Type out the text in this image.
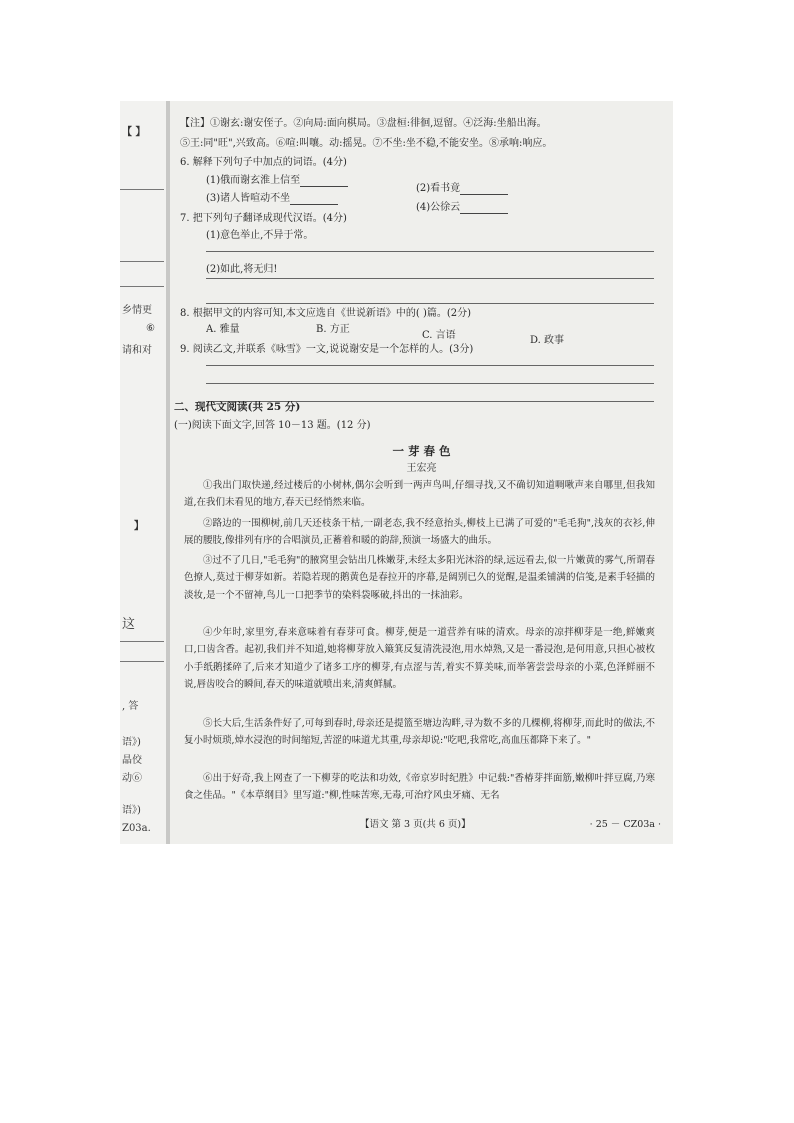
【 】
乡情更
⑥
请和对
】
这
, 答
语》)
晶佼
动⑥
语》)
Z03a.
【注】①谢玄:谢安侄子。②向局:面向棋局。③盘桓:徘徊,逗留。④泛海:坐船出海。
⑤王:同"旺",兴致高。⑥喧:叫嚷。动:摇晃。⑦不坐:坐不稳,不能安坐。⑧承响:响应。
6. 解释下列句子中加点的词语。(4分)
(1)俄而谢玄淮上信至
(2)看书竟
(3)诸人皆喧动不坐
(4)公徐云
7. 把下列句子翻译成现代汉语。(4分)
(1)意色举止,不异于常。
(2)如此,将无归!
8. 根据甲文的内容可知,本文应选自《世说新语》中的( )篇。(2分)
A. 雅量	B. 方正
C. 言语	D. 政事
9. 阅读乙文,并联系《咏雪》一文,说说谢安是一个怎样的人。(3分)
二、现代文阅读(共 25 分)
(一)阅读下面文字,回答 10－13 题。(12 分)
一 芽 春 色
王宏亮
①我出门取快递,经过楼后的小树林,偶尔会听到一两声鸟叫,仔细寻找,又不确切知道啁啾声来自哪里,但我知道,在我们未看见的地方,春天已经悄然来临。
②路边的一围柳树,前几天还枝条干枯,一副老态,我不经意抬头,柳枝上已满了可爱的"毛毛狗",浅灰的衣衫,伸展的腰肢,像排列有序的合唱演员,正蓄着和暖的韵辞,预演一场盛大的曲乐。
③过不了几日,"毛毛狗"的腋窝里会钻出几株嫩芽,未经太多阳光沐浴的绿,远远看去,似一片嫩黄的雾气,所谓春色撩人,莫过于柳芽如新。若隐若现的鹅黄色是春拉开的序幕,是阔别已久的觉醒,是温柔铺满的信笺,是素手轻描的淡妆,是一个不留神,鸟儿一口把季节的染料袋啄破,抖出的一抹油彩。
④少年时,家里穷,春来意味着有春芽可食。柳芽,便是一道营养有味的清欢。母亲的凉拌柳芽是一绝,鲜嫩爽口,口齿含香。起初,我们并不知道,她将柳芽放入簸箕反复清洗浸泡,用水焯熟,又是一番浸泡,是何用意,只担心被枚小手纸鹅揉碎了,后来才知道少了诸多工序的柳芽,有点涩与苦,着实不算美味,而举箸尝尝母亲的小菜,色泽鲜丽不说,唇齿咬合的瞬间,春天的味道就喷出来,清爽鲜腻。
⑤长大后,生活条件好了,可每到春时,母亲还是提篮至塘边沟畔,寻为数不多的几棵柳,将柳芽,而此时的做法,不复小时烦琐,焯水浸泡的时间缩短,苦涩的味道尤其重,母亲却说:"吃吧,我常吃,高血压都降下来了。"
⑥出于好奇,我上网查了一下柳芽的吃法和功效,《帝京岁时纪胜》中记载:"香椿芽拌面筋,嫩柳叶拌豆腐,乃寒食之佳品。"《本草纲目》里写道:"柳,性味苦寒,无毒,可治疗风虫牙痛、无名
【语文 第 3 页(共 6 页)】	· 25 － CZ03a ·
